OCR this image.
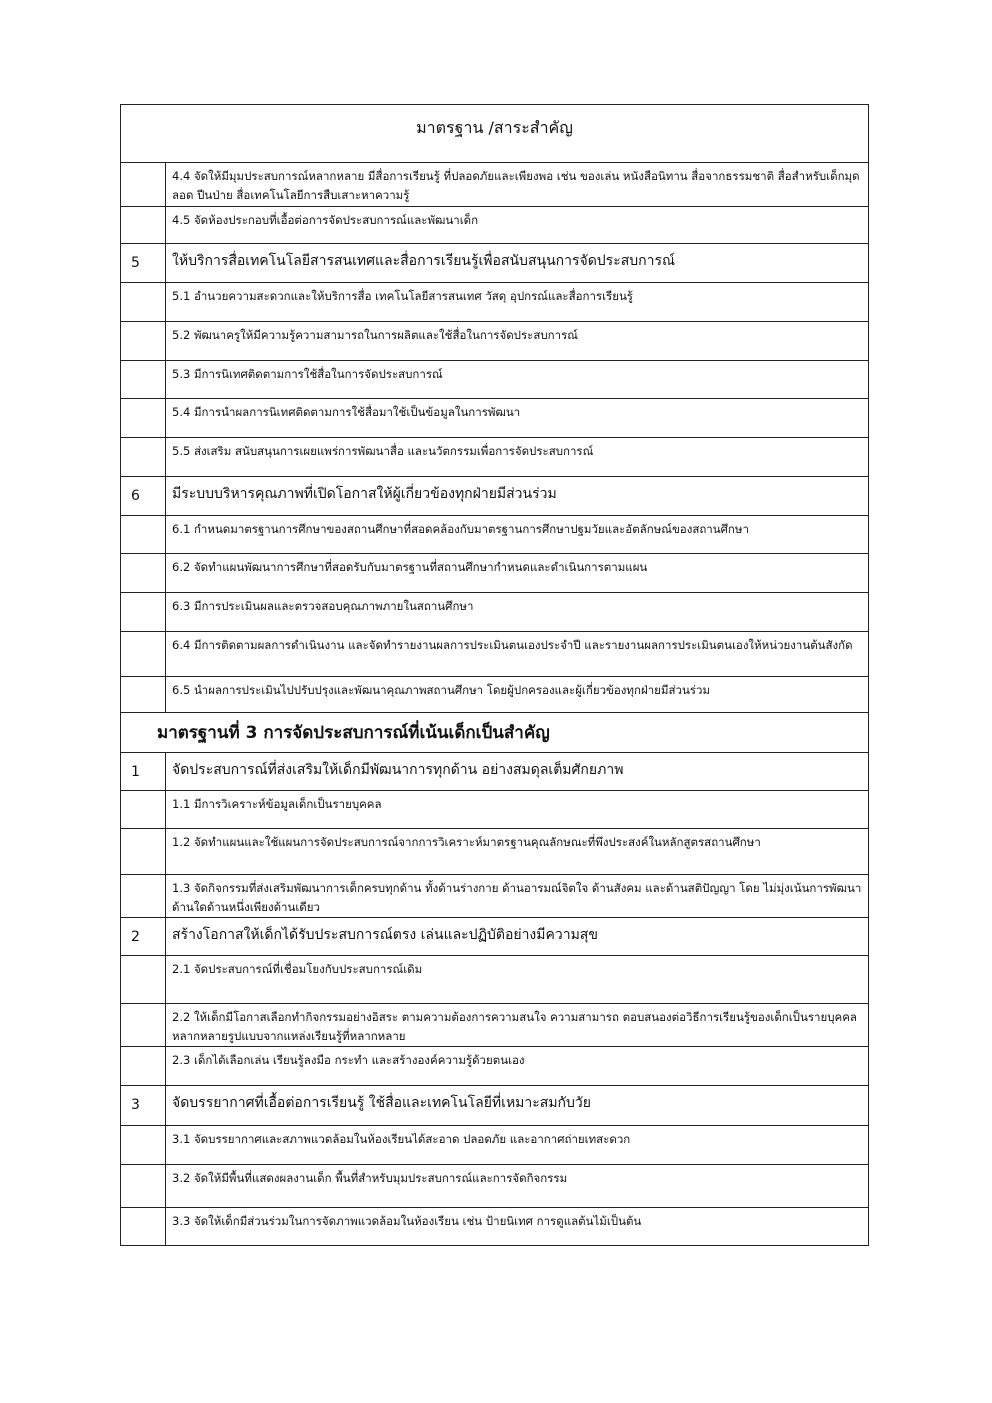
มาตรฐาน /สาระสำคัญ	

	4.4 จัดให้มีมุมประสบการณ์หลากหลาย มีสื่อการเรียนรู้ ที่ปลอดภัยและเพียงพอ เช่น ของเล่น หนังสือนิทาน สื่อจากธรรมชาติ สื่อสำหรับเด็กมุดลอด ปีนป่าย สื่อเทคโนโลยีการสืบเสาะหาความรู้

	4.5 จัดห้องประกอบที่เอื้อต่อการจัดประสบการณ์และพัฒนาเด็ก

5	ให้บริการสื่อเทคโนโลยีสารสนเทศและสื่อการเรียนรู้เพื่อสนับสนุนการจัดประสบการณ์

	5.1 อำนวยความสะดวกและให้บริการสื่อ เทคโนโลยีสารสนเทศ วัสดุ อุปกรณ์และสื่อการเรียนรู้

	5.2 พัฒนาครูให้มีความรู้ความสามารถในการผลิตและใช้สื่อในการจัดประสบการณ์

	5.3 มีการนิเทศติดตามการใช้สื่อในการจัดประสบการณ์

	5.4 มีการนำผลการนิเทศติดตามการใช้สื่อมาใช้เป็นข้อมูลในการพัฒนา

	5.5 ส่งเสริม สนับสนุนการเผยแพร่การพัฒนาสื่อ และนวัตกรรมเพื่อการจัดประสบการณ์

6	มีระบบบริหารคุณภาพที่เปิดโอกาสให้ผู้เกี่ยวข้องทุกฝ่ายมีส่วนร่วม

	6.1 กำหนดมาตรฐานการศึกษาของสถานศึกษาที่สอดคล้องกับมาตรฐานการศึกษาปฐมวัยและอัตลักษณ์ของสถานศึกษา

	6.2 จัดทำแผนพัฒนาการศึกษาที่สอดรับกับมาตรฐานที่สถานศึกษากำหนดและดำเนินการตามแผน

	6.3 มีการประเมินผลและตรวจสอบคุณภาพภายในสถานศึกษา

	6.4 มีการติดตามผลการดำเนินงาน และจัดทำรายงานผลการประเมินตนเองประจำปี และรายงานผลการประเมินตนเองให้หน่วยงานต้นสังกัด

	6.5 นำผลการประเมินไปปรับปรุงและพัฒนาคุณภาพสถานศึกษา โดยผู้ปกครองและผู้เกี่ยวข้องทุกฝ่ายมีส่วนร่วม

มาตรฐานที่ 3 การจัดประสบการณ์ที่เน้นเด็กเป็นสำคัญ	

1	จัดประสบการณ์ที่ส่งเสริมให้เด็กมีพัฒนาการทุกด้าน อย่างสมดุลเต็มศักยภาพ

	1.1 มีการวิเคราะห์ข้อมูลเด็กเป็นรายบุคคล

	1.2 จัดทำแผนและใช้แผนการจัดประสบการณ์จากการวิเคราะห์มาตรฐานคุณลักษณะที่พึงประสงค์ในหลักสูตรสถานศึกษา

	1.3 จัดกิจกรรมที่ส่งเสริมพัฒนาการเด็กครบทุกด้าน ทั้งด้านร่างกาย ด้านอารมณ์จิตใจ ด้านสังคม และด้านสติปัญญา โดย ไม่มุ่งเน้นการพัฒนาด้านใดด้านหนึ่งเพียงด้านเดียว

2	สร้างโอกาสให้เด็กได้รับประสบการณ์ตรง เล่นและปฏิบัติอย่างมีความสุข

	2.1 จัดประสบการณ์ที่เชื่อมโยงกับประสบการณ์เดิม

	2.2 ให้เด็กมีโอกาสเลือกทำกิจกรรมอย่างอิสระ ตามความต้องการความสนใจ ความสามารถ ตอบสนองต่อวิธีการเรียนรู้ของเด็กเป็นรายบุคคล หลากหลายรูปแบบจากแหล่งเรียนรู้ที่หลากหลาย

	2.3 เด็กได้เลือกเล่น เรียนรู้ลงมือ กระทำ และสร้างองค์ความรู้ด้วยตนเอง

3	จัดบรรยากาศที่เอื้อต่อการเรียนรู้ ใช้สื่อและเทคโนโลยีที่เหมาะสมกับวัย

	3.1 จัดบรรยากาศและสภาพแวดล้อมในห้องเรียนได้สะอาด ปลอดภัย และอากาศถ่ายเทสะดวก

	3.2 จัดให้มีพื้นที่แสดงผลงานเด็ก พื้นที่สำหรับมุมประสบการณ์และการจัดกิจกรรม

	3.3 จัดให้เด็กมีส่วนร่วมในการจัดภาพแวดล้อมในห้องเรียน เช่น ป้ายนิเทศ การดูแลต้นไม้เป็นต้น
